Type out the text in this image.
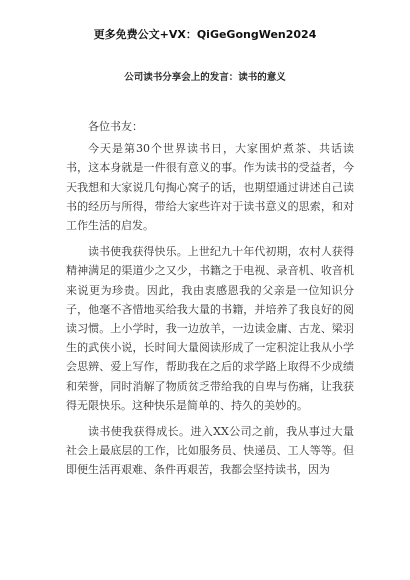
更多免费公文+VX：QiGeGongWen2024
公司读书分享会上的发言：读书的意义
各位书友：

今天是第30个世界读书日，大家围炉煮茶、共话读书，这本身就是一件很有意义的事。作为读书的受益者，今天我想和大家说几句掏心窝子的话，也期望通过讲述自己读书的经历与所得，带给大家些许对于读书意义的思索，和对工作生活的启发。

读书使我获得快乐。上世纪九十年代初期，农村人获得精神满足的渠道少之又少，书籍之于电视、录音机、收音机来说更为珍贵。因此，我由衷感恩我的父亲是一位知识分子，他毫不吝惜地买给我大量的书籍，并培养了我良好的阅读习惯。上小学时，我一边放羊，一边读金庸、古龙、梁羽生的武侠小说，长时间大量阅读形成了一定积淀让我从小学会思辨、爱上写作，帮助我在之后的求学路上取得不少成绩和荣誉，同时消解了物质贫乏带给我的自卑与伤痛，让我获得无限快乐。这种快乐是简单的、持久的美妙的。

读书使我获得成长。进入XX公司之前，我从事过大量社会上最底层的工作，比如服务员、快递员、工人等等。但即便生活再艰难、条件再艰苦，我都会坚持读书，因为
